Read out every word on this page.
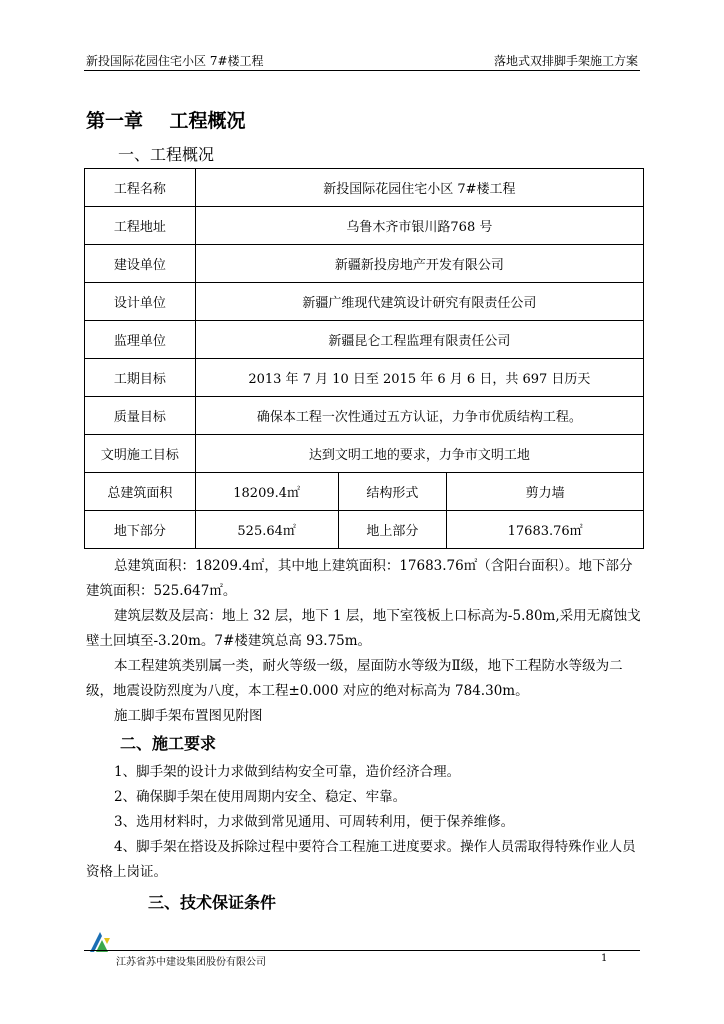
新投国际花园住宅小区 7#楼工程	落地式双排脚手架施工方案
第一章    工程概况
一、工程概况
工程名称	新投国际花园住宅小区 7#楼工程		
工程地址	乌鲁木齐市银川路768 号		
建设单位	新疆新投房地产开发有限公司		
设计单位	新疆广维现代建筑设计研究有限责任公司		
监理单位	新疆昆仑工程监理有限责任公司		
工期目标	2013 年 7 月 10 日至 2015 年 6 月 6 日，共 697 日历天		
质量目标	确保本工程一次性通过五方认证，力争市优质结构工程。		
文明施工目标	达到文明工地的要求，力争市文明工地		
总建筑面积	18209.4㎡	结构形式	剪力墙
地下部分	525.64㎡	地上部分	17683.76㎡

总建筑面积：18209.4㎡，其中地上建筑面积：17683.76㎡（含阳台面积）。地下部分建筑面积：525.647㎡。

建筑层数及层高：地上 32 层，地下 1 层，地下室筏板上口标高为-5.80m,采用无腐蚀戈壁土回填至-3.20m。7#楼建筑总高 93.75m。

本工程建筑类别属一类，耐火等级一级，屋面防水等级为Ⅱ级，地下工程防水等级为二级，地震设防烈度为八度，本工程±0.000 对应的绝对标高为 784.30m。

施工脚手架布置图见附图

二、施工要求

1、脚手架的设计力求做到结构安全可靠，造价经济合理。

2、确保脚手架在使用周期内安全、稳定、牢靠。

3、选用材料时，力求做到常见通用、可周转利用，便于保养维修。

4、脚手架在搭设及拆除过程中要符合工程施工进度要求。操作人员需取得特殊作业人员资格上岗证。

三、技术保证条件
江苏省苏中建设集团股份有限公司	1
